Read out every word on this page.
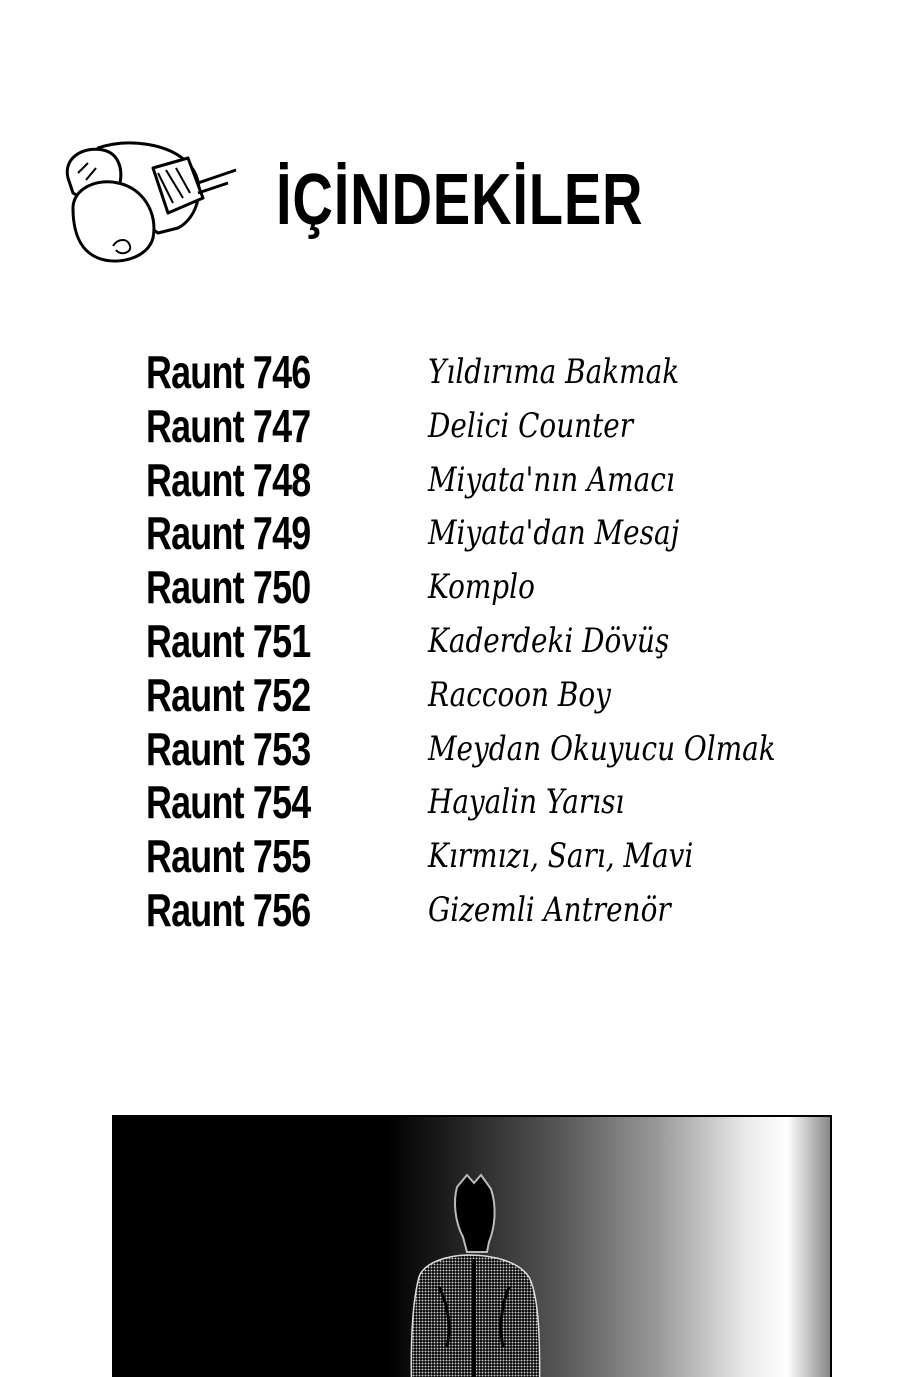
İÇİNDEKİLER
Raunt 746	Yıldırıma Bakmak
Raunt 747	Delici Counter
Raunt 748	Miyata'nın Amacı
Raunt 749	Miyata'dan Mesaj
Raunt 750	Komplo
Raunt 751	Kaderdeki Dövüş
Raunt 752	Raccoon Boy
Raunt 753	Meydan Okuyucu Olmak
Raunt 754	Hayalin Yarısı
Raunt 755	Kırmızı, Sarı, Mavi
Raunt 756	Gizemli Antrenör
